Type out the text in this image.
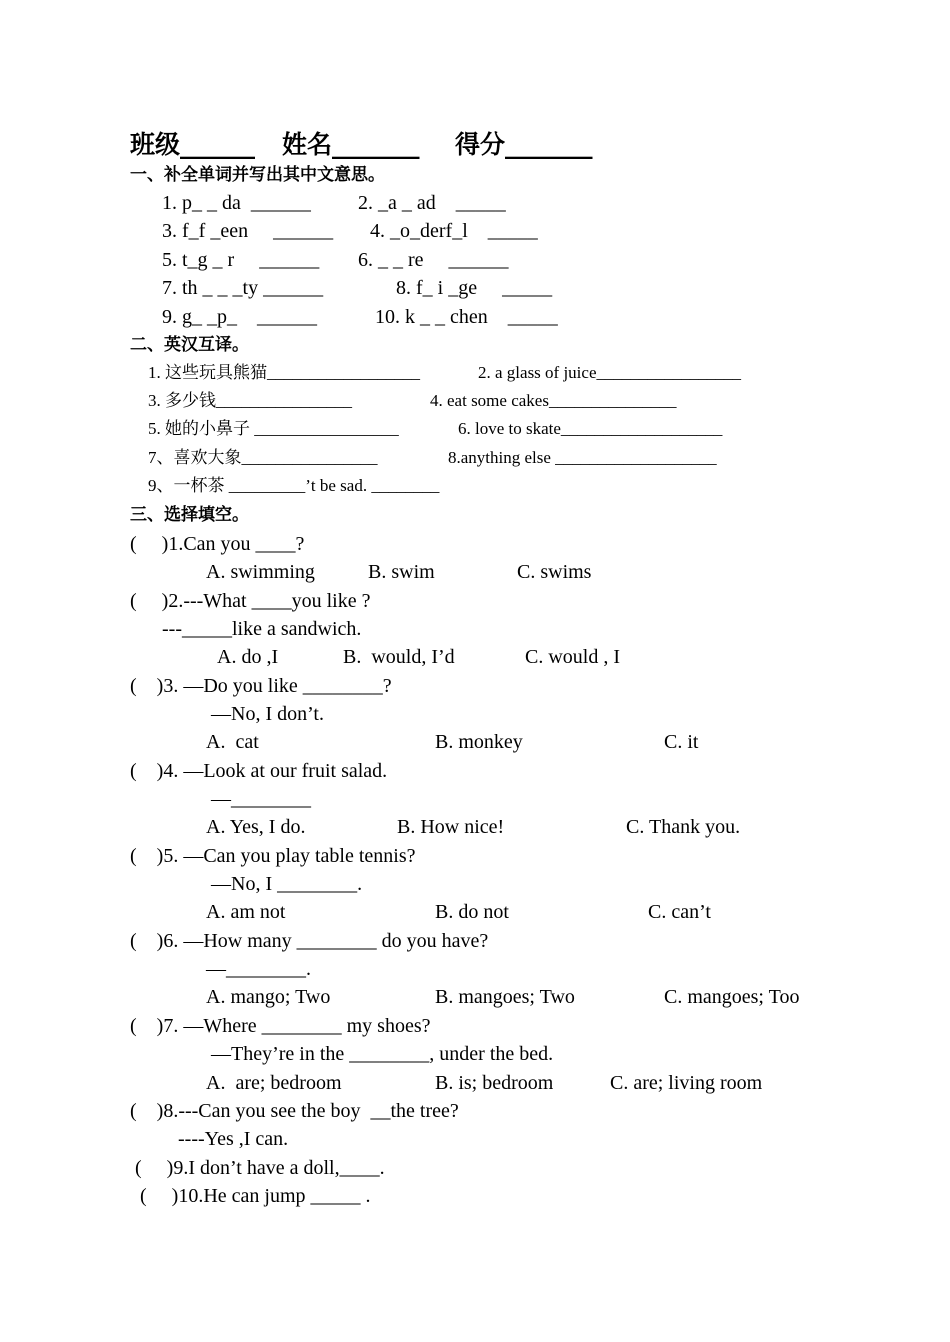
班级______ 姓名_______ 得分_______
一、补全单词并写出其中文意思。
1. p_ _ da  ______ 2. _a _ ad    _____
3. f_f _een     ______ 4. _o_derf_l    _____
5. t_g _ r     ______ 6. _ _ re     ______
7. th _ _ _ty ______	8. f_ i _ge     _____
9. g_ _p_    ______	10. k _ _ chen    _____
二、英汉互译。
1. 这些玩具熊猫__________________	2. a glass of juice_________________
3. 多少钱________________	4. eat some cakes_______________
5. 她的小鼻子 _________________	6. love to skate___________________
7、喜欢大象________________	8.anything else ___________________
9、一杯茶 _________’t be sad. ________
三、选择填空。
(     )1.Can you ____?
A. swimming	B. swim	C. swims
(     )2.---What ____you like ?
---_____like a sandwich.
A. do ,I	B.  would, I’d	C. would , I
(    )3. —Do you like ________?
—No, I don’t.
A.  cat	B. monkey	C. it
(    )4. —Look at our fruit salad.
—________
A. Yes, I do.	B. How nice!	C. Thank you.
(    )5. —Can you play table tennis?
—No, I ________.
A. am not	B. do not	C. can’t
(    )6. —How many ________ do you have?
—________.
A. mango; Two	B. mangoes; Two	C. mangoes; Too
(    )7. —Where ________ my shoes?
—They’re in the ________, under the bed.
A.  are; bedroom	B. is; bedroom	C. are; living room
(    )8.---Can you see the boy  __the tree?
----Yes ,I can.
(     )9.I don’t have a doll,____.
(     )10.He can jump _____ .
